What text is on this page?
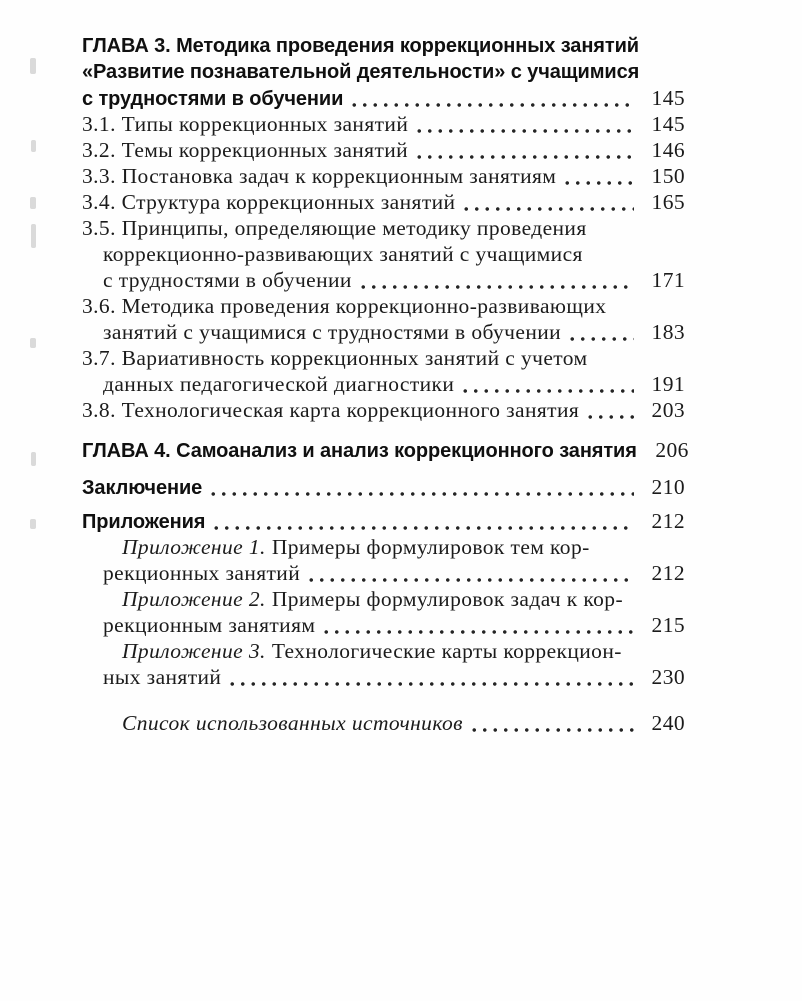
ГЛАВА 3. Методика проведения коррекционных занятий
«Развитие познавательной деятельности» с учащимися
с трудностями в обучении	145
3.1. Типы коррекционных занятий	145
3.2. Темы коррекционных занятий	146
3.3. Постановка задач к коррекционным занятиям	150
3.4. Структура коррекционных занятий	165
3.5. Принципы, определяющие методику проведения
коррекционно-развивающих занятий с учащимися
с трудностями в обучении	171
3.6. Методика проведения коррекционно-развивающих
занятий с учащимися с трудностями в обучении	183
3.7. Вариативность коррекционных занятий с учетом
данных педагогической диагностики	191
3.8. Технологическая карта коррекционного занятия	203
ГЛАВА 4. Самоанализ и анализ коррекционного занятия 206
Заключение	210
Приложения	212
Приложение 1. Примеры формулировок тем кор-
рекционных занятий	212
Приложение 2. Примеры формулировок задач к кор-
рекционным занятиям	215
Приложение 3. Технологические карты коррекцион-
ных занятий	230
Список использованных источников	240
